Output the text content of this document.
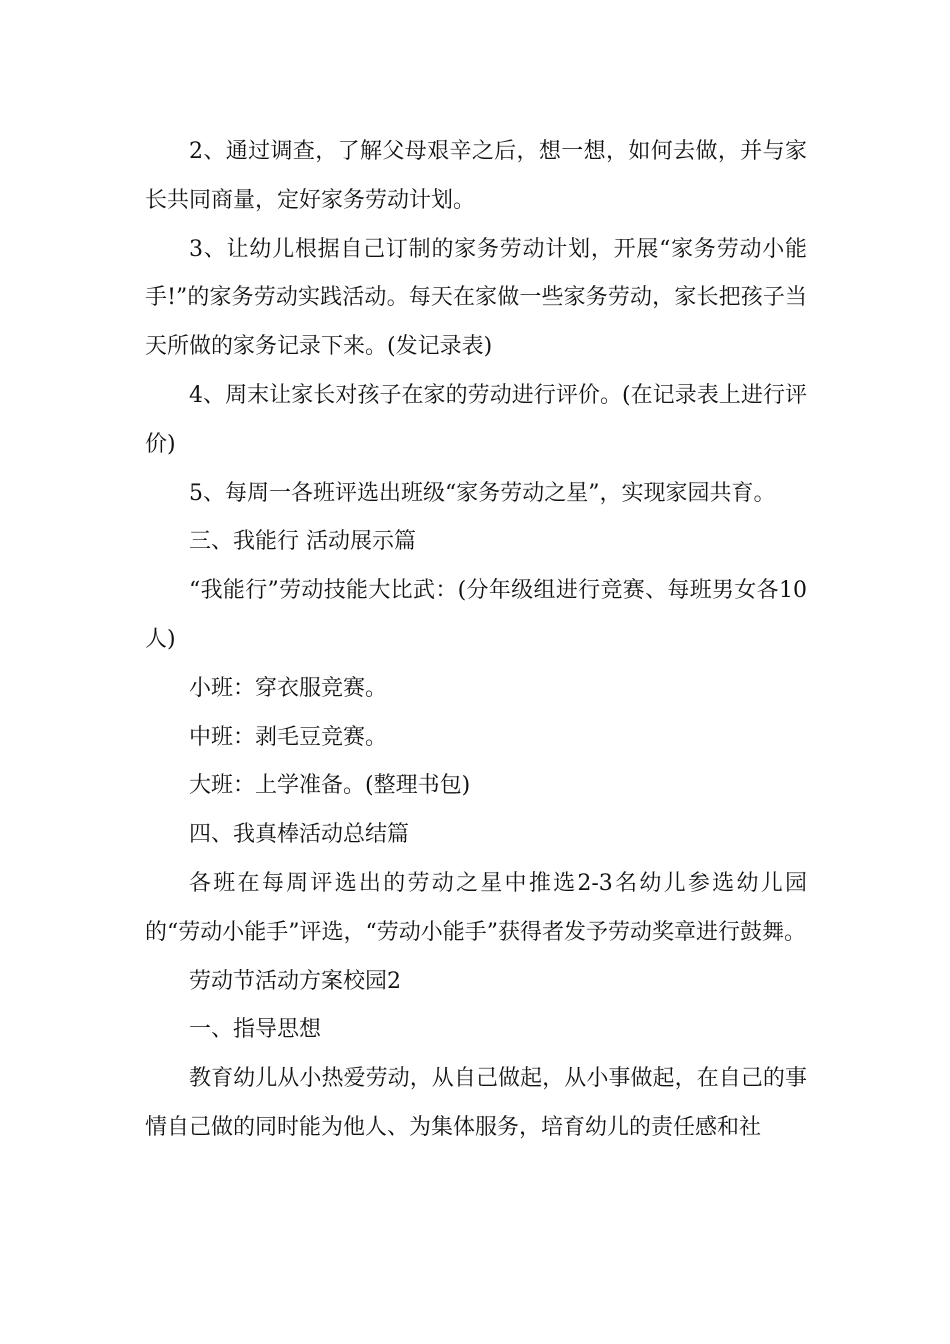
2、通过调查，了解父母艰辛之后，想一想，如何去做，并与家长共同商量，定好家务劳动计划。

3、让幼儿根据自己订制的家务劳动计划，开展“家务劳动小能手!”的家务劳动实践活动。每天在家做一些家务劳动，家长把孩子当天所做的家务记录下来。(发记录表)

4、周末让家长对孩子在家的劳动进行评价。(在记录表上进行评价)

5、每周一各班评选出班级“家务劳动之星”，实现家园共育。

三、我能行 活动展示篇

“我能行”劳动技能大比武：(分年级组进行竞赛、每班男女各10人)

小班：穿衣服竞赛。

中班：剥毛豆竞赛。

大班：上学准备。(整理书包)

四、我真棒活动总结篇

各班在每周评选出的劳动之星中推选2-3名幼儿参选幼儿园的“劳动小能手”评选，“劳动小能手”获得者发予劳动奖章进行鼓舞。

劳动节活动方案校园2

一、指导思想

教育幼儿从小热爱劳动，从自己做起，从小事做起，在自己的事情自己做的同时能为他人、为集体服务，培育幼儿的责任感和社
